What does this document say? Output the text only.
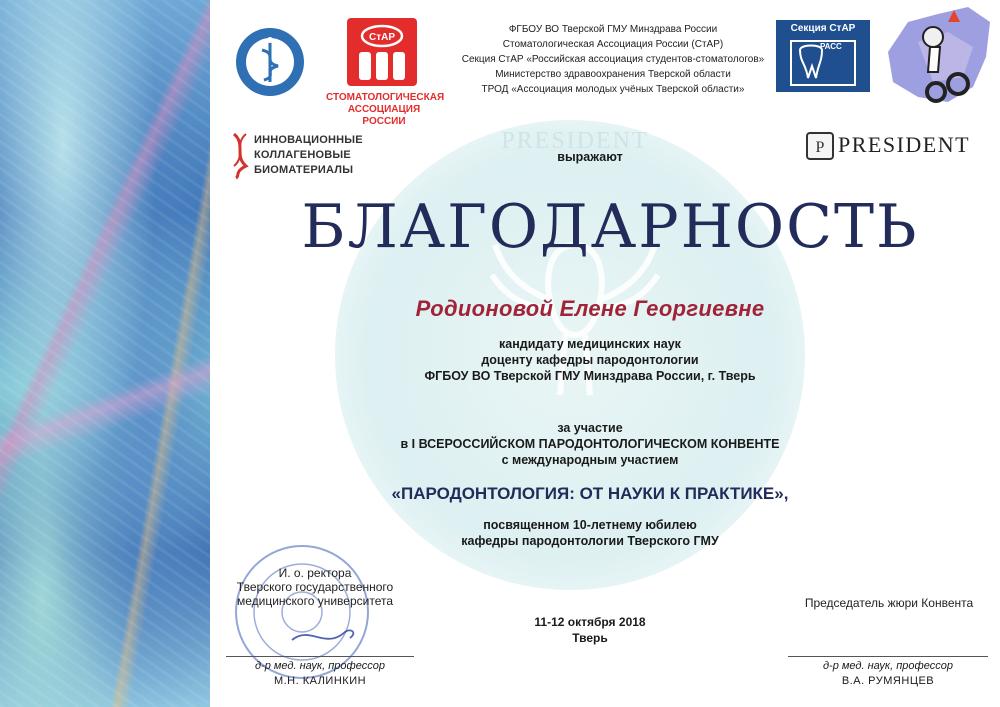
PRESIDENT
СтАР
СТОМАТОЛОГИЧЕСКАЯ
АССОЦИАЦИЯ РОССИИ
ФГБОУ ВО Тверской ГМУ Минздрава России
Стоматологическая Ассоциация России (СтАР)
Секция СтАР «Российская ассоциация студентов-стоматологов»
Министерство здравоохранения Тверской области
ТРОД «Ассоциация молодых учёных Тверской области»
Секция СтАР
РАСС
ИННОВАЦИОННЫЕ
КОЛЛАГЕНОВЫЕ
БИОМАТЕРИАЛЫ
P PRESIDENT
выражают
БЛАГОДАРНОСТЬ
Родионовой Елене Георгиевне
кандидату медицинских наук
доценту кафедры пародонтологии
ФГБОУ ВО Тверской ГМУ Минздрава России, г. Тверь
за участие
в I ВСЕРОССИЙСКОМ ПАРОДОНТОЛОГИЧЕСКОМ КОНВЕНТЕ
с международным участием
«ПАРОДОНТОЛОГИЯ: ОТ НАУКИ К ПРАКТИКЕ»,
посвященном 10-летнему юбилею
кафедры пародонтологии Тверского ГМУ
11-12 октября 2018
Тверь
И. о. ректора
Тверского государственного
медицинского университета
д-р мед. наук, профессор
М.Н. КАЛИНКИН
Председатель жюри Конвента
д-р мед. наук, профессор
В.А. РУМЯНЦЕВ
